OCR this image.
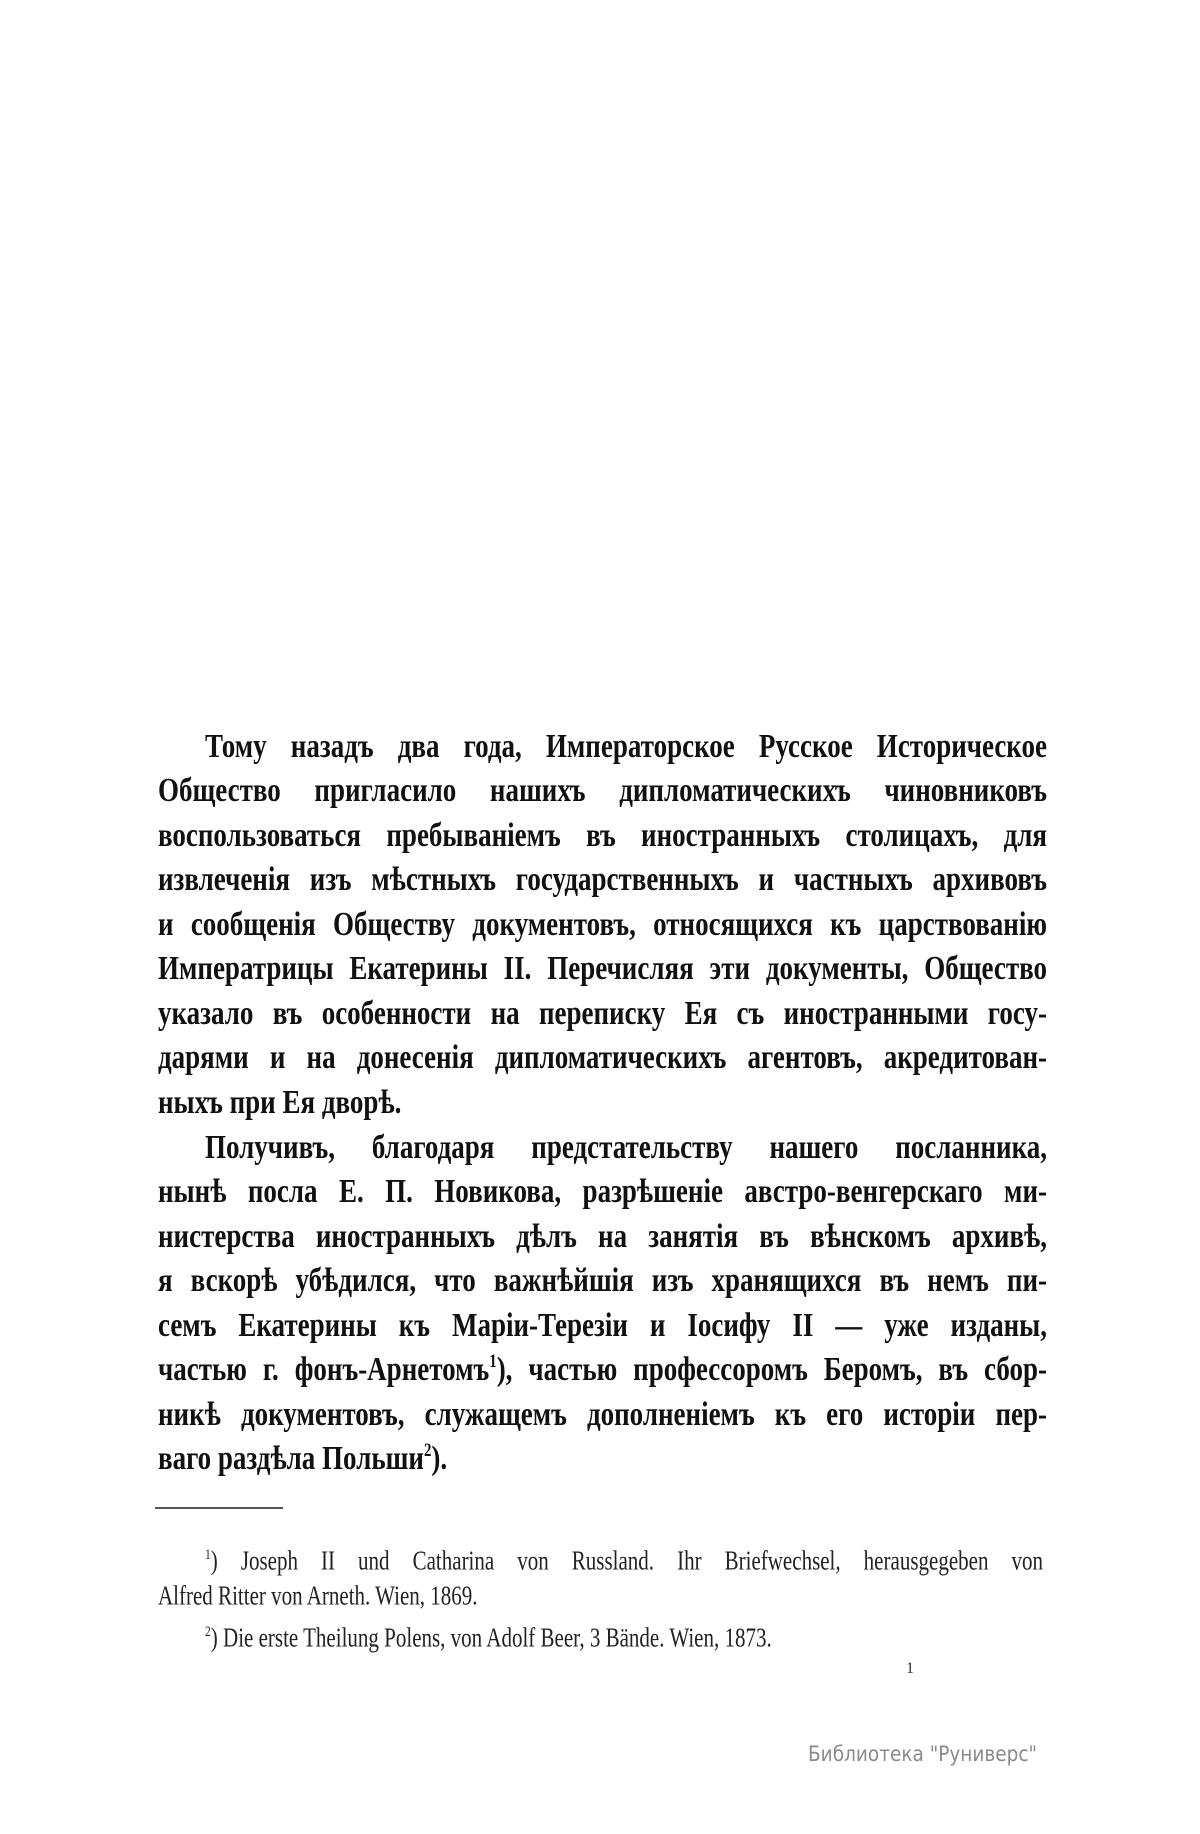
Тому назадъ два года, Императорское Русское Историческое
Общество пригласило нашихъ дипломатическихъ чиновниковъ
воспользоваться пребываніемъ въ иностранныхъ столицахъ, для
извлеченія изъ мѣстныхъ государственныхъ и частныхъ архивовъ
и сообщенія Обществу документовъ, относящихся къ царствованію
Императрицы Екатерины II. Перечисляя эти документы, Общество
указало въ особенности на переписку Ея съ иностранными госу-
дарями и на донесенія дипломатическихъ агентовъ, акредитован-
ныхъ при Ея дворѣ.
Получивъ, благодаря предстательству нашего посланника,
нынѣ посла Е. П. Новикова, разрѣшеніе австро-венгерскаго ми-
нистерства иностранныхъ дѣлъ на занятія въ вѣнскомъ архивѣ,
я вскорѣ убѣдился, что важнѣйшія изъ хранящихся въ немъ пи-
семъ Екатерины къ Маріи-Терезіи и Іосифу II — уже изданы,
частью г. фонъ-Арнетомъ$^1$), частью профессоромъ Беромъ, въ сбор-
никѣ документовъ, служащемъ дополненіемъ къ его исторіи пер-
ваго раздѣла Польши$^2$).
$^1$) Joseph II und Catharina von Russland. Ihr Briefwechsel, herausgegeben von
Alfred Ritter von Arneth. Wien, 1869.
$^2$) Die erste Theilung Polens, von Adolf Beer, 3 Bände. Wien, 1873.
1
Библиотека "Руниверс"
